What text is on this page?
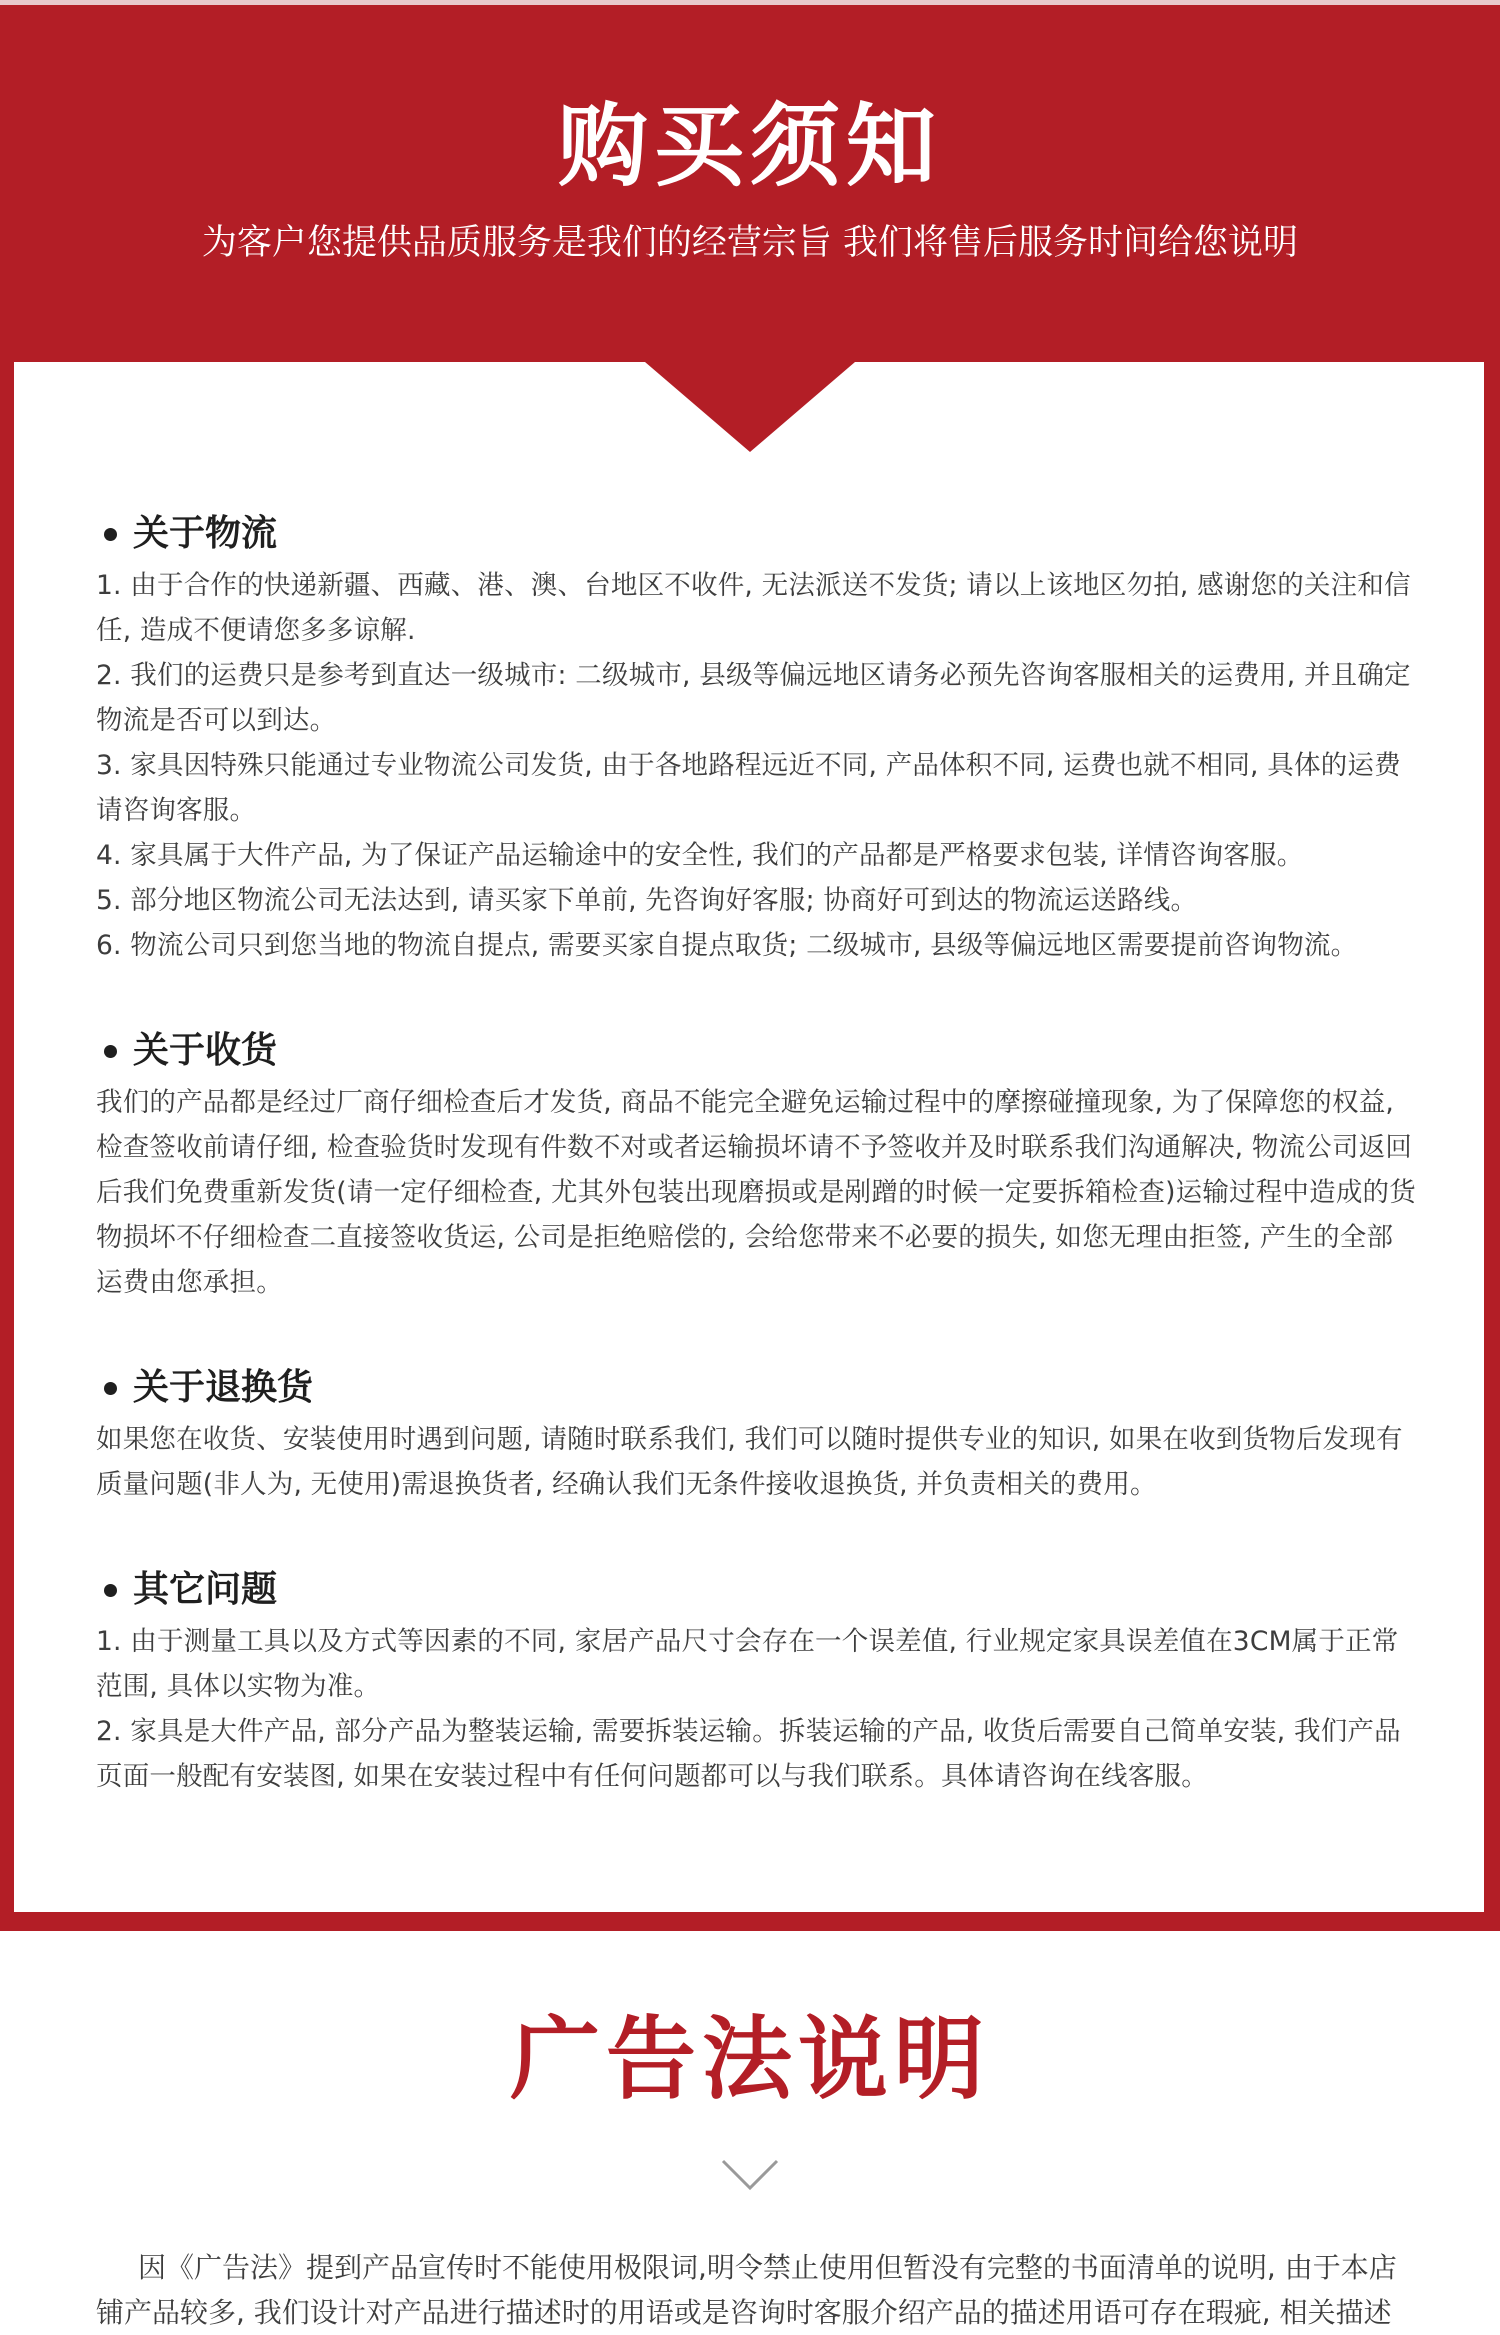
购买须知
为客户您提供品质服务是我们的经营宗旨 我们将售后服务时间给您说明
关于物流
1. 由于合作的快递新疆、西藏、港、澳、台地区不收件, 无法派送不发货; 请以上该地区勿拍, 感谢您的关注和信任, 造成不便请您多多谅解.
2. 我们的运费只是参考到直达一级城市: 二级城市, 县级等偏远地区请务必预先咨询客服相关的运费用, 并且确定物流是否可以到达。
3. 家具因特殊只能通过专业物流公司发货, 由于各地路程远近不同, 产品体积不同, 运费也就不相同, 具体的运费请咨询客服。
4. 家具属于大件产品, 为了保证产品运输途中的安全性, 我们的产品都是严格要求包装, 详情咨询客服。
5. 部分地区物流公司无法达到, 请买家下单前, 先咨询好客服; 协商好可到达的物流运送路线。
6. 物流公司只到您当地的物流自提点, 需要买家自提点取货; 二级城市, 县级等偏远地区需要提前咨询物流。
关于收货
我们的产品都是经过厂商仔细检查后才发货, 商品不能完全避免运输过程中的摩擦碰撞现象, 为了保障您的权益, 检查签收前请仔细, 检查验货时发现有件数不对或者运输损坏请不予签收并及时联系我们沟通解决, 物流公司返回后我们免费重新发货(请一定仔细检查, 尤其外包装出现磨损或是剐蹭的时候一定要拆箱检查)运输过程中造成的货物损坏不仔细检查二直接签收货运, 公司是拒绝赔偿的, 会给您带来不必要的损失, 如您无理由拒签, 产生的全部运费由您承担。
关于退换货
如果您在收货、安装使用时遇到问题, 请随时联系我们, 我们可以随时提供专业的知识, 如果在收到货物后发现有质量问题(非人为, 无使用)需退换货者, 经确认我们无条件接收退换货, 并负责相关的费用。
其它问题
1. 由于测量工具以及方式等因素的不同, 家居产品尺寸会存在一个误差值, 行业规定家具误差值在3CM属于正常范围, 具体以实物为准。
2. 家具是大件产品, 部分产品为整装运输, 需要拆装运输。拆装运输的产品, 收货后需要自己简单安装, 我们产品页面一般配有安装图, 如果在安装过程中有任何问题都可以与我们联系。具体请咨询在线客服。
广告法说明
因《广告法》提到产品宣传时不能使用极限词,明令禁止使用但暂没有完整的书面清单的说明, 由于本店铺产品较多, 我们设计对产品进行描述时的用语或是咨询时客服介绍产品的描述用语可存在瑕疵, 相关描述
